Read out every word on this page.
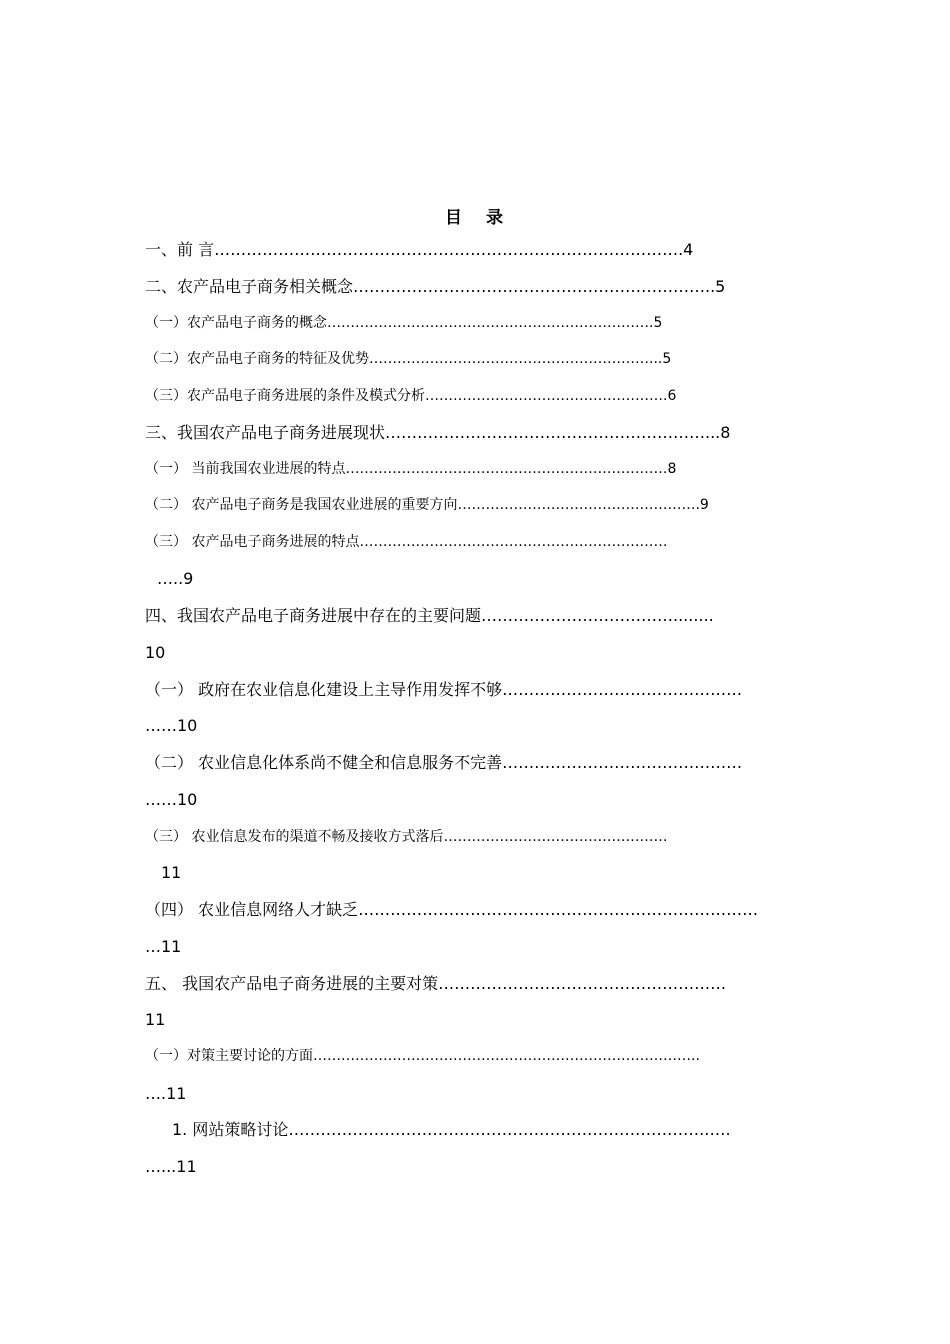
目 录
一、前 言…………………………………………………………………………….4
二、农产品电子商务相关概念…………………………………………………………..5
（一）农产品电子商务的概念…………………………………………………………….5
（二）农产品电子商务的特征及优势……………………………………………………...5
（三）农产品电子商务进展的条件及模式分析…………………………………………….6
三、我国农产品电子商务进展现状……………………………………………………...8
（一） 当前我国农业进展的特点……………………………………………………………8
（二） 农产品电子商务是我国农业进展的重要方向…………………………………………….9
（三） 农产品电子商务进展的特点…………………………………………………………
…..9
四、我国农产品电子商务进展中存在的主要问题………………………………........
10
（一） 政府在农业信息化建设上主导作用发挥不够………………………………………
……10
（二） 农业信息化体系尚不健全和信息服务不完善………………………………………
……10
（三） 农业信息发布的渠道不畅及接收方式落后…………………………………………
11
（四） 农业信息网络人才缺乏…………………………………………………………………
…11
五、 我国农产品电子商务进展的主要对策………………………………………………
11
（一）对策主要讨论的方面………………………………………………………………………..
….11
1. 网站策略讨论…………………………………………………………………….….
…...11
